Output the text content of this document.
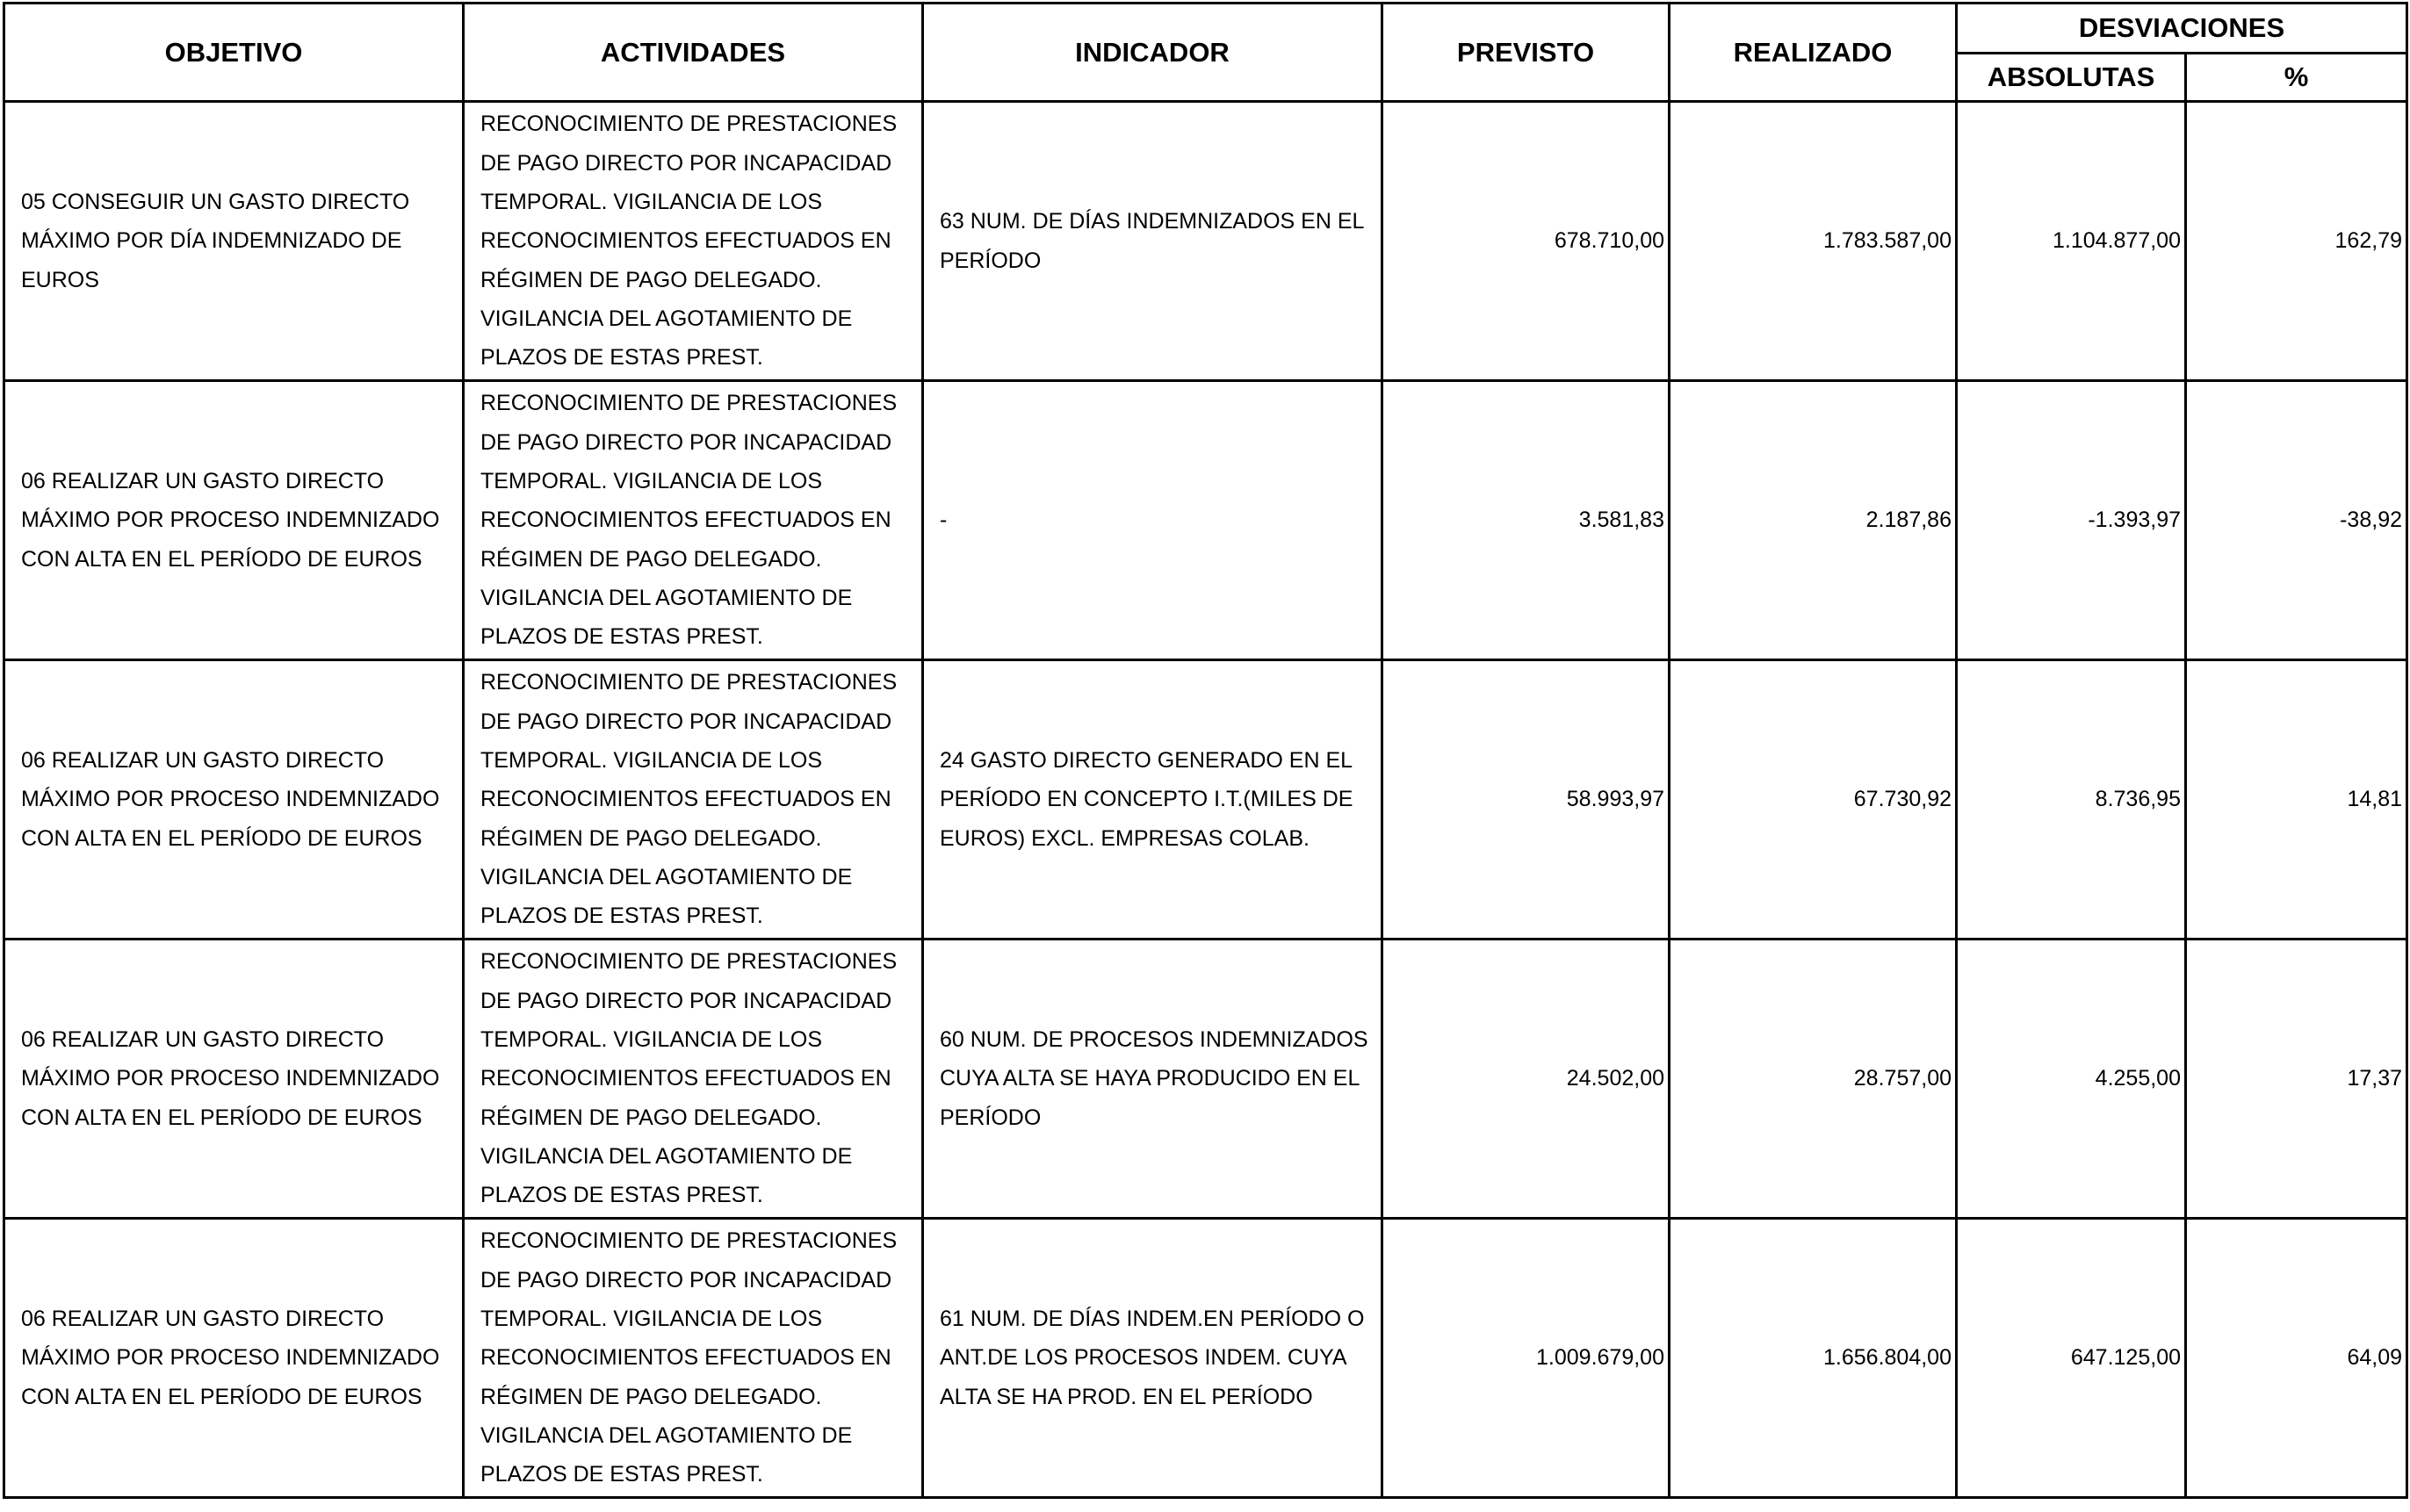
OBJETIVO	ACTIVIDADES	INDICADOR	PREVISTO	REALIZADO	DESVIACIONES	
					ABSOLUTAS	%
05 CONSEGUIR UN GASTO DIRECTO MÁXIMO POR DÍA INDEMNIZADO DE EUROS	RECONOCIMIENTO DE PRESTACIONES DE PAGO DIRECTO POR INCAPACIDAD TEMPORAL. VIGILANCIA DE LOS RECONOCIMIENTOS EFECTUADOS EN RÉGIMEN DE PAGO DELEGADO. VIGILANCIA DEL AGOTAMIENTO DE PLAZOS DE ESTAS PREST.	63 NUM. DE DÍAS INDEMNIZADOS EN EL PERÍODO	678.710,00	1.783.587,00	1.104.877,00	162,79
06 REALIZAR UN GASTO DIRECTO MÁXIMO POR PROCESO INDEMNIZADO CON ALTA EN EL PERÍODO DE EUROS	RECONOCIMIENTO DE PRESTACIONES DE PAGO DIRECTO POR INCAPACIDAD TEMPORAL. VIGILANCIA DE LOS RECONOCIMIENTOS EFECTUADOS EN RÉGIMEN DE PAGO DELEGADO. VIGILANCIA DEL AGOTAMIENTO DE PLAZOS DE ESTAS PREST.	-	3.581,83	2.187,86	-1.393,97	-38,92
06 REALIZAR UN GASTO DIRECTO MÁXIMO POR PROCESO INDEMNIZADO CON ALTA EN EL PERÍODO DE EUROS	RECONOCIMIENTO DE PRESTACIONES DE PAGO DIRECTO POR INCAPACIDAD TEMPORAL. VIGILANCIA DE LOS RECONOCIMIENTOS EFECTUADOS EN RÉGIMEN DE PAGO DELEGADO. VIGILANCIA DEL AGOTAMIENTO DE PLAZOS DE ESTAS PREST.	24 GASTO DIRECTO GENERADO EN EL PERÍODO EN CONCEPTO I.T.(MILES DE EUROS) EXCL. EMPRESAS COLAB.	58.993,97	67.730,92	8.736,95	14,81
06 REALIZAR UN GASTO DIRECTO MÁXIMO POR PROCESO INDEMNIZADO CON ALTA EN EL PERÍODO DE EUROS	RECONOCIMIENTO DE PRESTACIONES DE PAGO DIRECTO POR INCAPACIDAD TEMPORAL. VIGILANCIA DE LOS RECONOCIMIENTOS EFECTUADOS EN RÉGIMEN DE PAGO DELEGADO. VIGILANCIA DEL AGOTAMIENTO DE PLAZOS DE ESTAS PREST.	60 NUM. DE PROCESOS INDEMNIZADOS CUYA ALTA SE HAYA PRODUCIDO EN EL PERÍODO	24.502,00	28.757,00	4.255,00	17,37
06 REALIZAR UN GASTO DIRECTO MÁXIMO POR PROCESO INDEMNIZADO CON ALTA EN EL PERÍODO DE EUROS	RECONOCIMIENTO DE PRESTACIONES DE PAGO DIRECTO POR INCAPACIDAD TEMPORAL. VIGILANCIA DE LOS RECONOCIMIENTOS EFECTUADOS EN RÉGIMEN DE PAGO DELEGADO. VIGILANCIA DEL AGOTAMIENTO DE PLAZOS DE ESTAS PREST.	61 NUM. DE DÍAS INDEM.EN PERÍODO O ANT.DE LOS PROCESOS INDEM. CUYA ALTA SE HA PROD. EN EL PERÍODO	1.009.679,00	1.656.804,00	647.125,00	64,09
